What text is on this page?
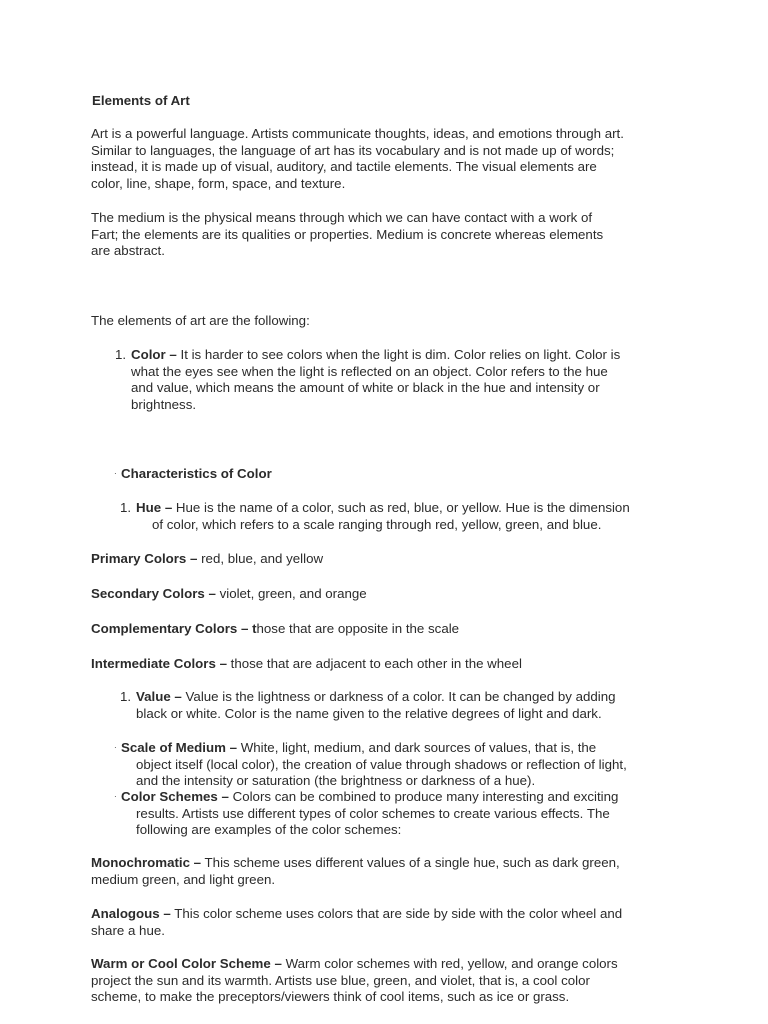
Elements of Art
Art is a powerful language. Artists communicate thoughts, ideas, and emotions through art.
Similar to languages, the language of art has its vocabulary and is not made up of words;
instead, it is made up of visual, auditory, and tactile elements. The visual elements are
color, line, shape, form, space, and texture.
The medium is the physical means through which we can have contact with a work of
Fart; the elements are its qualities or properties. Medium is concrete whereas elements
are abstract.
The elements of art are the following:
1. Color – It is harder to see colors when the light is dim. Color relies on light. Color is
what the eyes see when the light is reflected on an object. Color refers to the hue
and value, which means the amount of white or black in the hue and intensity or
brightness.
· Characteristics of Color
1. Hue – Hue is the name of a color, such as red, blue, or yellow. Hue is the dimension
of color, which refers to a scale ranging through red, yellow, green, and blue.
Primary Colors – red, blue, and yellow
Secondary Colors – violet, green, and orange
Complementary Colors – those that are opposite in the scale
Intermediate Colors – those that are adjacent to each other in the wheel
1. Value – Value is the lightness or darkness of a color. It can be changed by adding
black or white. Color is the name given to the relative degrees of light and dark.
· Scale of Medium – White, light, medium, and dark sources of values, that is, the
object itself (local color), the creation of value through shadows or reflection of light,
and the intensity or saturation (the brightness or darkness of a hue).
· Color Schemes – Colors can be combined to produce many interesting and exciting
results. Artists use different types of color schemes to create various effects. The
following are examples of the color schemes:
Monochromatic – This scheme uses different values of a single hue, such as dark green,
medium green, and light green.
Analogous – This color scheme uses colors that are side by side with the color wheel and
share a hue.
Warm or Cool Color Scheme – Warm color schemes with red, yellow, and orange colors
project the sun and its warmth. Artists use blue, green, and violet, that is, a cool color
scheme, to make the preceptors/viewers think of cool items, such as ice or grass.
